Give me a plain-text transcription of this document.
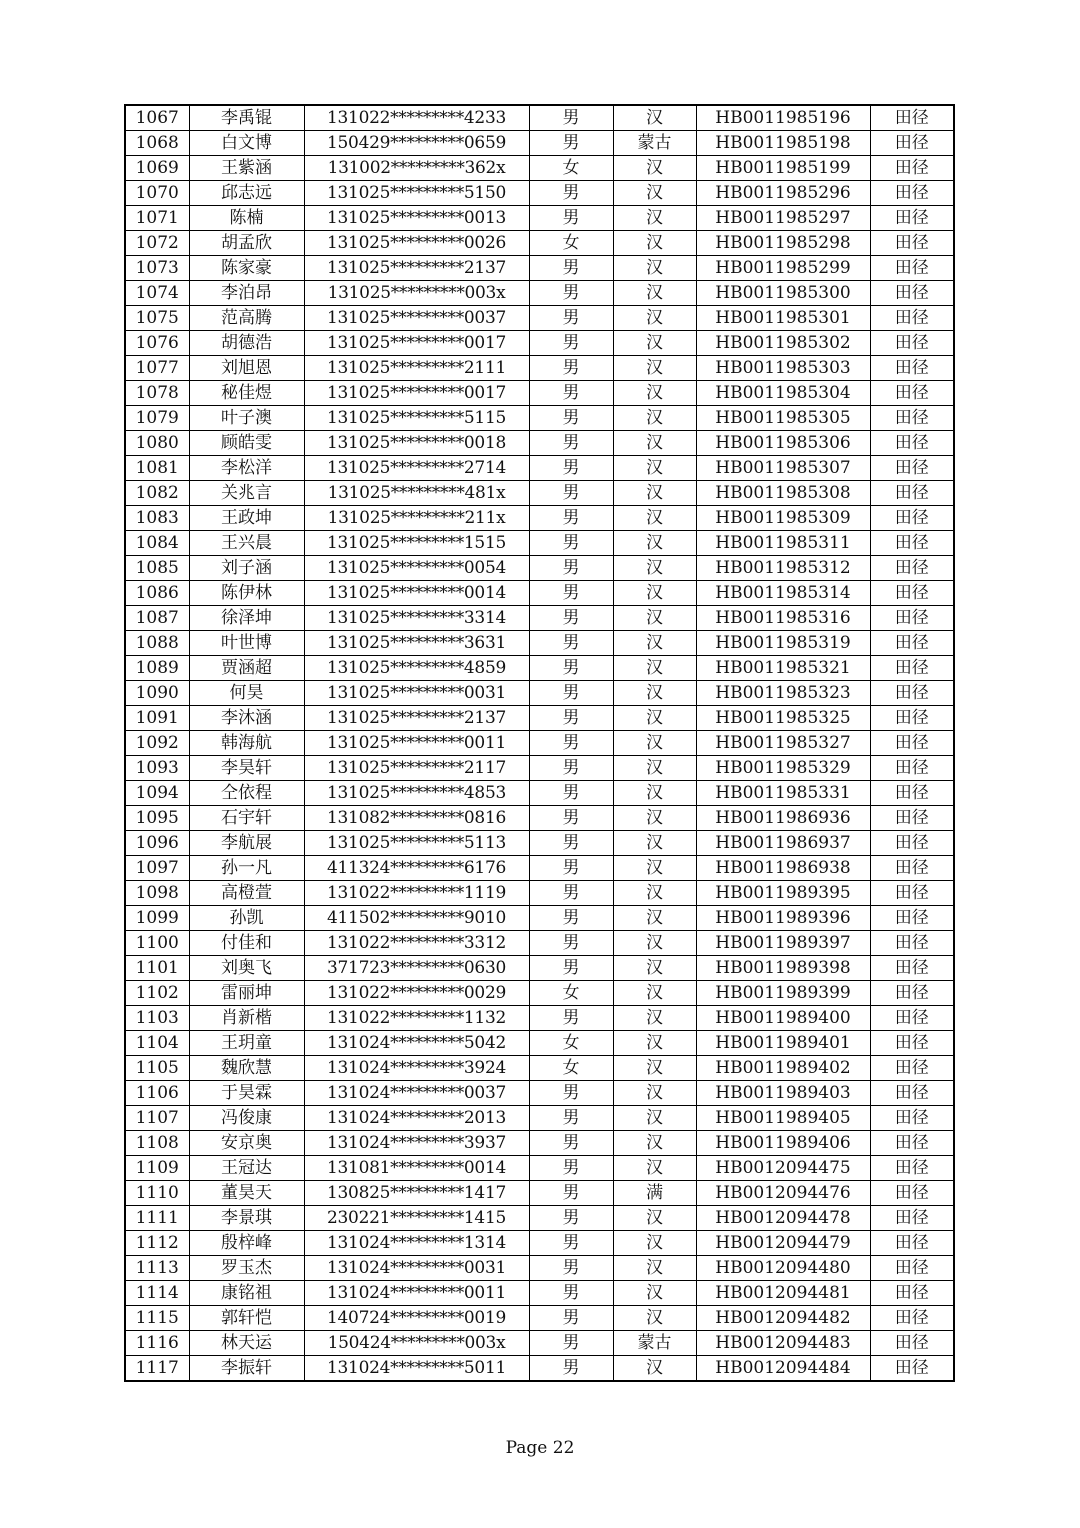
1067	李禹锟	131022*********4233	男	汉	HB0011985196	田径
1068	白文博	150429*********0659	男	蒙古	HB0011985198	田径
1069	王紫涵	131002*********362x	女	汉	HB0011985199	田径
1070	邱志远	131025*********5150	男	汉	HB0011985296	田径
1071	陈楠	131025*********0013	男	汉	HB0011985297	田径
1072	胡孟欣	131025*********0026	女	汉	HB0011985298	田径
1073	陈家豪	131025*********2137	男	汉	HB0011985299	田径
1074	李泊昂	131025*********003x	男	汉	HB0011985300	田径
1075	范高腾	131025*********0037	男	汉	HB0011985301	田径
1076	胡德浩	131025*********0017	男	汉	HB0011985302	田径
1077	刘旭恩	131025*********2111	男	汉	HB0011985303	田径
1078	秘佳煜	131025*********0017	男	汉	HB0011985304	田径
1079	叶子澳	131025*********5115	男	汉	HB0011985305	田径
1080	顾皓雯	131025*********0018	男	汉	HB0011985306	田径
1081	李松洋	131025*********2714	男	汉	HB0011985307	田径
1082	关兆言	131025*********481x	男	汉	HB0011985308	田径
1083	王政坤	131025*********211x	男	汉	HB0011985309	田径
1084	王兴晨	131025*********1515	男	汉	HB0011985311	田径
1085	刘子涵	131025*********0054	男	汉	HB0011985312	田径
1086	陈伊林	131025*********0014	男	汉	HB0011985314	田径
1087	徐泽坤	131025*********3314	男	汉	HB0011985316	田径
1088	叶世博	131025*********3631	男	汉	HB0011985319	田径
1089	贾涵超	131025*********4859	男	汉	HB0011985321	田径
1090	何昊	131025*********0031	男	汉	HB0011985323	田径
1091	李沐涵	131025*********2137	男	汉	HB0011985325	田径
1092	韩海航	131025*********0011	男	汉	HB0011985327	田径
1093	李昊轩	131025*********2117	男	汉	HB0011985329	田径
1094	仝依程	131025*********4853	男	汉	HB0011985331	田径
1095	石宇轩	131082*********0816	男	汉	HB0011986936	田径
1096	李航展	131025*********5113	男	汉	HB0011986937	田径
1097	孙一凡	411324*********6176	男	汉	HB0011986938	田径
1098	高橙萱	131022*********1119	男	汉	HB0011989395	田径
1099	孙凯	411502*********9010	男	汉	HB0011989396	田径
1100	付佳和	131022*********3312	男	汉	HB0011989397	田径
1101	刘奥飞	371723*********0630	男	汉	HB0011989398	田径
1102	雷丽坤	131022*********0029	女	汉	HB0011989399	田径
1103	肖新楷	131022*********1132	男	汉	HB0011989400	田径
1104	王玥童	131024*********5042	女	汉	HB0011989401	田径
1105	魏欣慧	131024*********3924	女	汉	HB0011989402	田径
1106	于昊霖	131024*********0037	男	汉	HB0011989403	田径
1107	冯俊康	131024*********2013	男	汉	HB0011989405	田径
1108	安京奥	131024*********3937	男	汉	HB0011989406	田径
1109	王冠达	131081*********0014	男	汉	HB0012094475	田径
1110	董昊天	130825*********1417	男	满	HB0012094476	田径
1111	李景琪	230221*********1415	男	汉	HB0012094478	田径
1112	殷梓峰	131024*********1314	男	汉	HB0012094479	田径
1113	罗玉杰	131024*********0031	男	汉	HB0012094480	田径
1114	康铭祖	131024*********0011	男	汉	HB0012094481	田径
1115	郭轩恺	140724*********0019	男	汉	HB0012094482	田径
1116	林天运	150424*********003x	男	蒙古	HB0012094483	田径
1117	李振轩	131024*********5011	男	汉	HB0012094484	田径
Page 22
